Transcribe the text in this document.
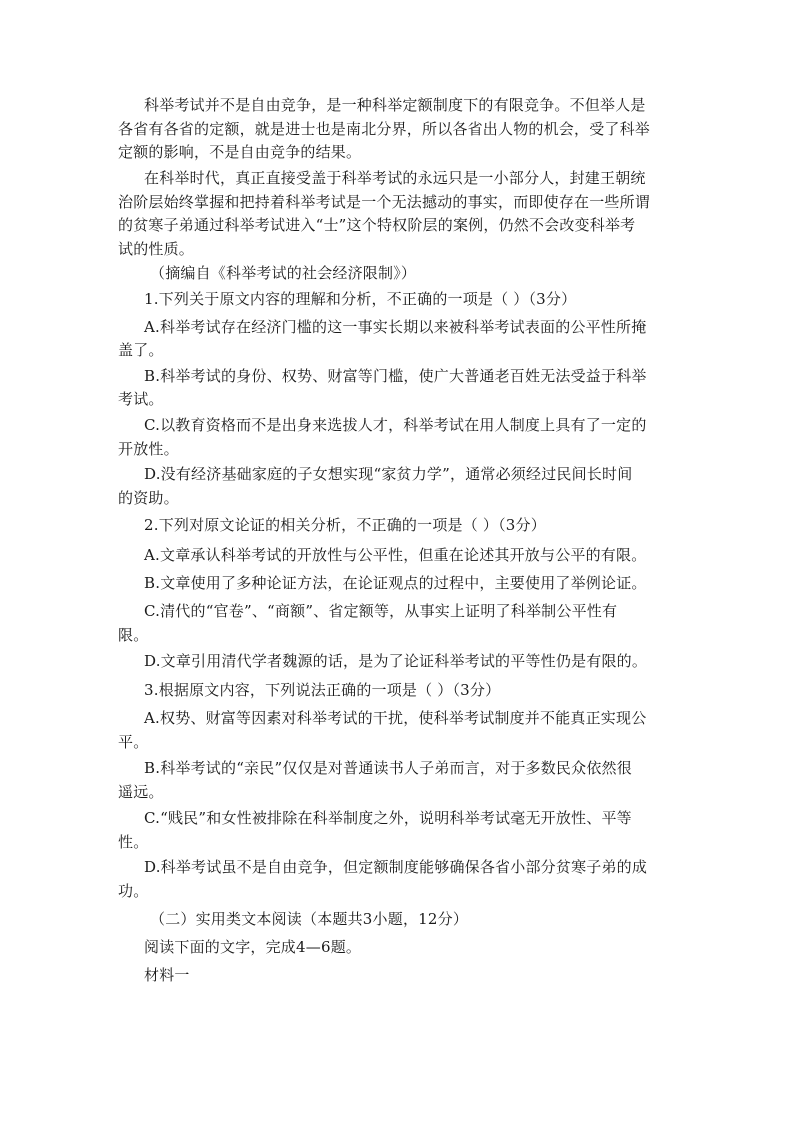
科举考试并不是自由竞争，是一种科举定额制度下的有限竞争。不但举人是
各省有各省的定额，就是进士也是南北分界，所以各省出人物的机会，受了科举
定额的影响，不是自由竞争的结果。
在科举时代，真正直接受盖于科举考试的永远只是一小部分人，封建王朝统
治阶层始终掌握和把持着科举考试是一个无法撼动的事实，而即使存在一些所谓
的贫寒子弟通过科举考试进入“士”这个特权阶层的案例，仍然不会改变科举考
试的性质。
（摘编自《科举考试的社会经济限制》）
1.下列关于原文内容的理解和分析，不正确的一项是（ ）（3分）
A.科举考试存在经济门槛的这一事实长期以来被科举考试表面的公平性所掩
盖了。
B.科举考试的身份、权势、财富等门槛，使广大普通老百姓无法受益于科举
考试。
C.以教育资格而不是出身来选拔人才，科举考试在用人制度上具有了一定的
开放性。
D.没有经济基础家庭的子女想实现“家贫力学”，通常必须经过民间长时间
的资助。
2.下列对原文论证的相关分析，不正确的一项是（ ）（3分）
A.文章承认科举考试的开放性与公平性，但重在论述其开放与公平的有限。
B.文章使用了多种论证方法，在论证观点的过程中，主要使用了举例论证。
C.清代的“官卷”、“商额”、省定额等，从事实上证明了科举制公平性有
限。
D.文章引用清代学者魏源的话，是为了论证科举考试的平等性仍是有限的。
3.根据原文内容，下列说法正确的一项是（ ）（3分）
A.权势、财富等因素对科举考试的干扰，使科举考试制度并不能真正实现公
平。
B.科举考试的“亲民”仅仅是对普通读书人子弟而言，对于多数民众依然很
遥远。
C.“贱民”和女性被排除在科举制度之外，说明科举考试毫无开放性、平等
性。
D.科举考试虽不是自由竞争，但定额制度能够确保各省小部分贫寒子弟的成
功。
（二）实用类文本阅读（本题共3小题，12分）
阅读下面的文字，完成4—6题。
材料一
